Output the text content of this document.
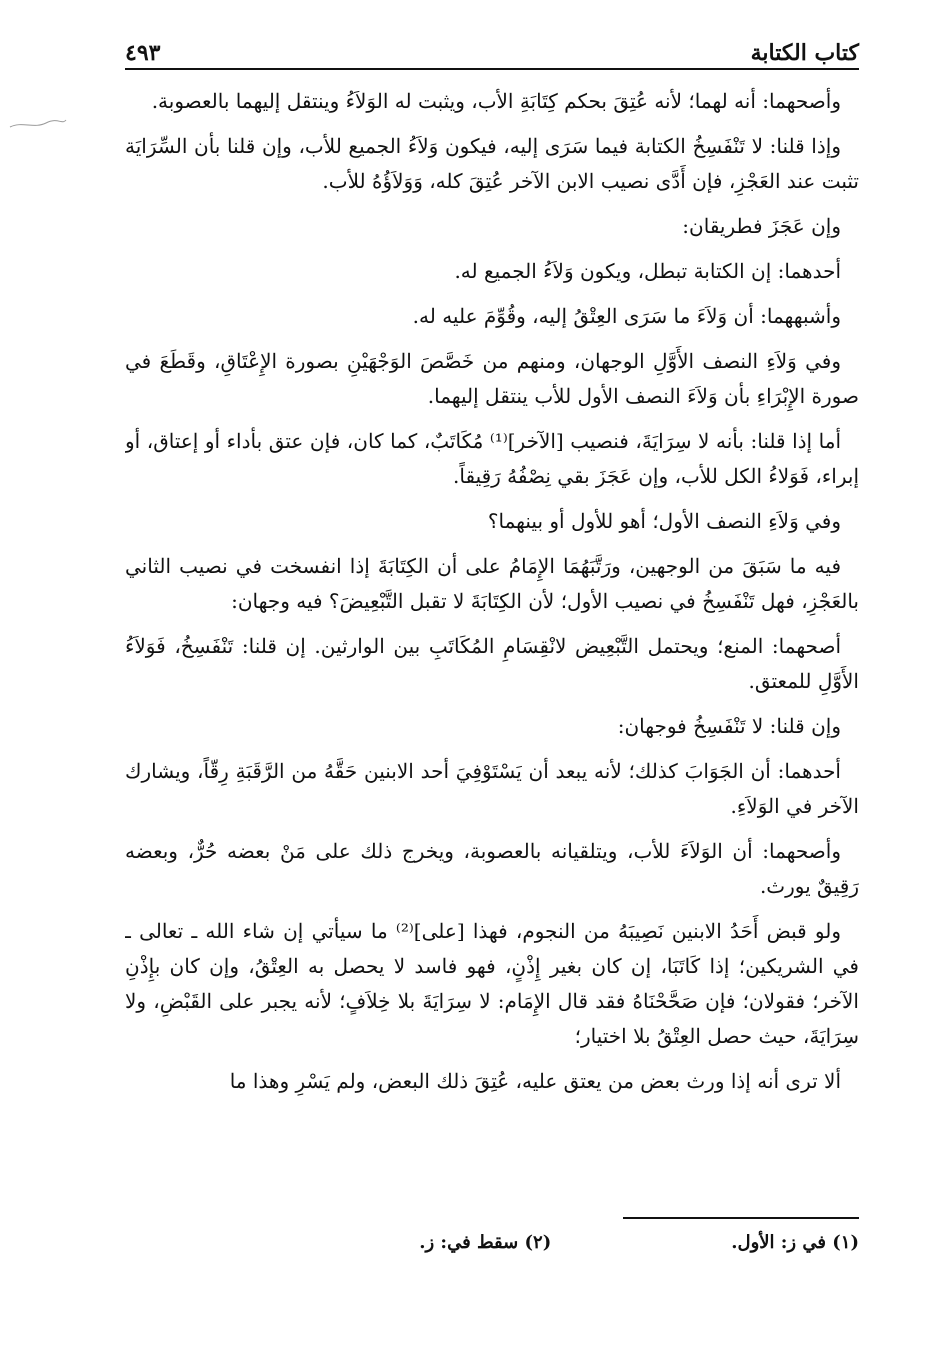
كتاب الكتابة
٤٩٣

وأصحهما: أنه لهما؛ لأنه عُتِقَ بحكم كِتَابَةِ الأب، ويثبت له الوَلاَءُ وينتقل إليهما بالعصوبة.

وإذا قلنا: لا تَنْفَسِخُ الكتابة فيما سَرَى إليه، فيكون وَلاَءُ الجميع للأب، وإن قلنا بأن السِّرَايَة تثبت عند العَجْزِ، فإن أَدَّى نصيب الابن الآخر عُتِقَ كله، وَوَلاَؤُهُ للأب.

وإن عَجَزَ فطريقان:

أحدهما: إن الكتابة تبطل، ويكون وَلاَءُ الجميع له.

وأشبههما: أن وَلاَءَ ما سَرَى العِتْقُ إليه، وقُوِّمَ عليه له.

وفي وَلاَءِ النصف الأَوَّلِ الوجهان، ومنهم من خَصَّصَ الوَجْهَيْنِ بصورة الإِعْتَاقِ، وقَطَعَ في صورة الإِبْرَاءِ بأن وَلاَءَ النصف الأول للأب ينتقل إليهما.

أما إذا قلنا: بأنه لا سِرَايَةَ، فنصيب [الآخر]⁽¹⁾ مُكَاتَبٌ، كما كان، فإن عتق بأداء أو إعتاق، أو إبراء، فَوَلاءُ الكل للأب، وإن عَجَزَ بقي نِصْفُهُ رَقِيقاً.

وفي وَلاَءِ النصف الأول؛ أهو للأول أو بينهما؟

فيه ما سَبَقَ من الوجهين، ورَتَّبَهُمَا الإِمَامُ على أن الكِتَابَةَ إذا انفسخت في نصيب الثاني بالعَجْزِ، فهل تَنْفَسِخُ في نصيب الأول؛ لأن الكِتَابَةَ لا تقبل التَّبْعِيضَ؟ فيه وجهان:

أصحهما: المنع؛ ويحتمل التَّبْعِيض لانْقِسَامِ المُكَاتَبِ بين الوارثين. إن قلنا: تَنْفَسِخُ، فَوَلاَءُ الأَوَّلِ للمعتق.

وإن قلنا: لا تَنْفَسِخُ فوجهان:

أحدهما: أن الجَوَابَ كذلك؛ لأنه يبعد أن يَسْتَوْفِيَ أحد الابنين حَقَّهُ من الرَّقَبَةِ رِقّاً، ويشارك الآخر في الوَلاَءِ.

وأصحهما: أن الوَلاَءَ للأب، ويتلقيانه بالعصوبة، ويخرج ذلك على مَنْ بعضه حُرٌّ، وبعضه رَقِيقٌ يورث.

ولو قبض أَحَدُ الابنين نَصِيبَهُ من النجوم، فهذا [على]⁽²⁾ ما سيأتي إن شاء الله ـ تعالى ـ في الشريكين؛ إذا كَاتَبَا، إن كان بغير إِذْنٍ، فهو فاسد لا يحصل به العِتْقُ، وإن كان بإِذْنِ الآخر؛ فقولان؛ فإن صَحَّحْنَاهُ فقد قال الإِمَام: لا سِرَايَةَ بلا خِلاَفٍ؛ لأنه يجبر على القَبْضِ، ولا سِرَايَةَ، حيث حصل العِتْقُ بلا اختيار؛

ألا ترى أنه إذا ورث بعض من يعتق عليه، عُتِقَ ذلك البعض، ولم يَسْرِ وهذا ما

(١) في ز: الأول.
(٢) سقط في: ز.
